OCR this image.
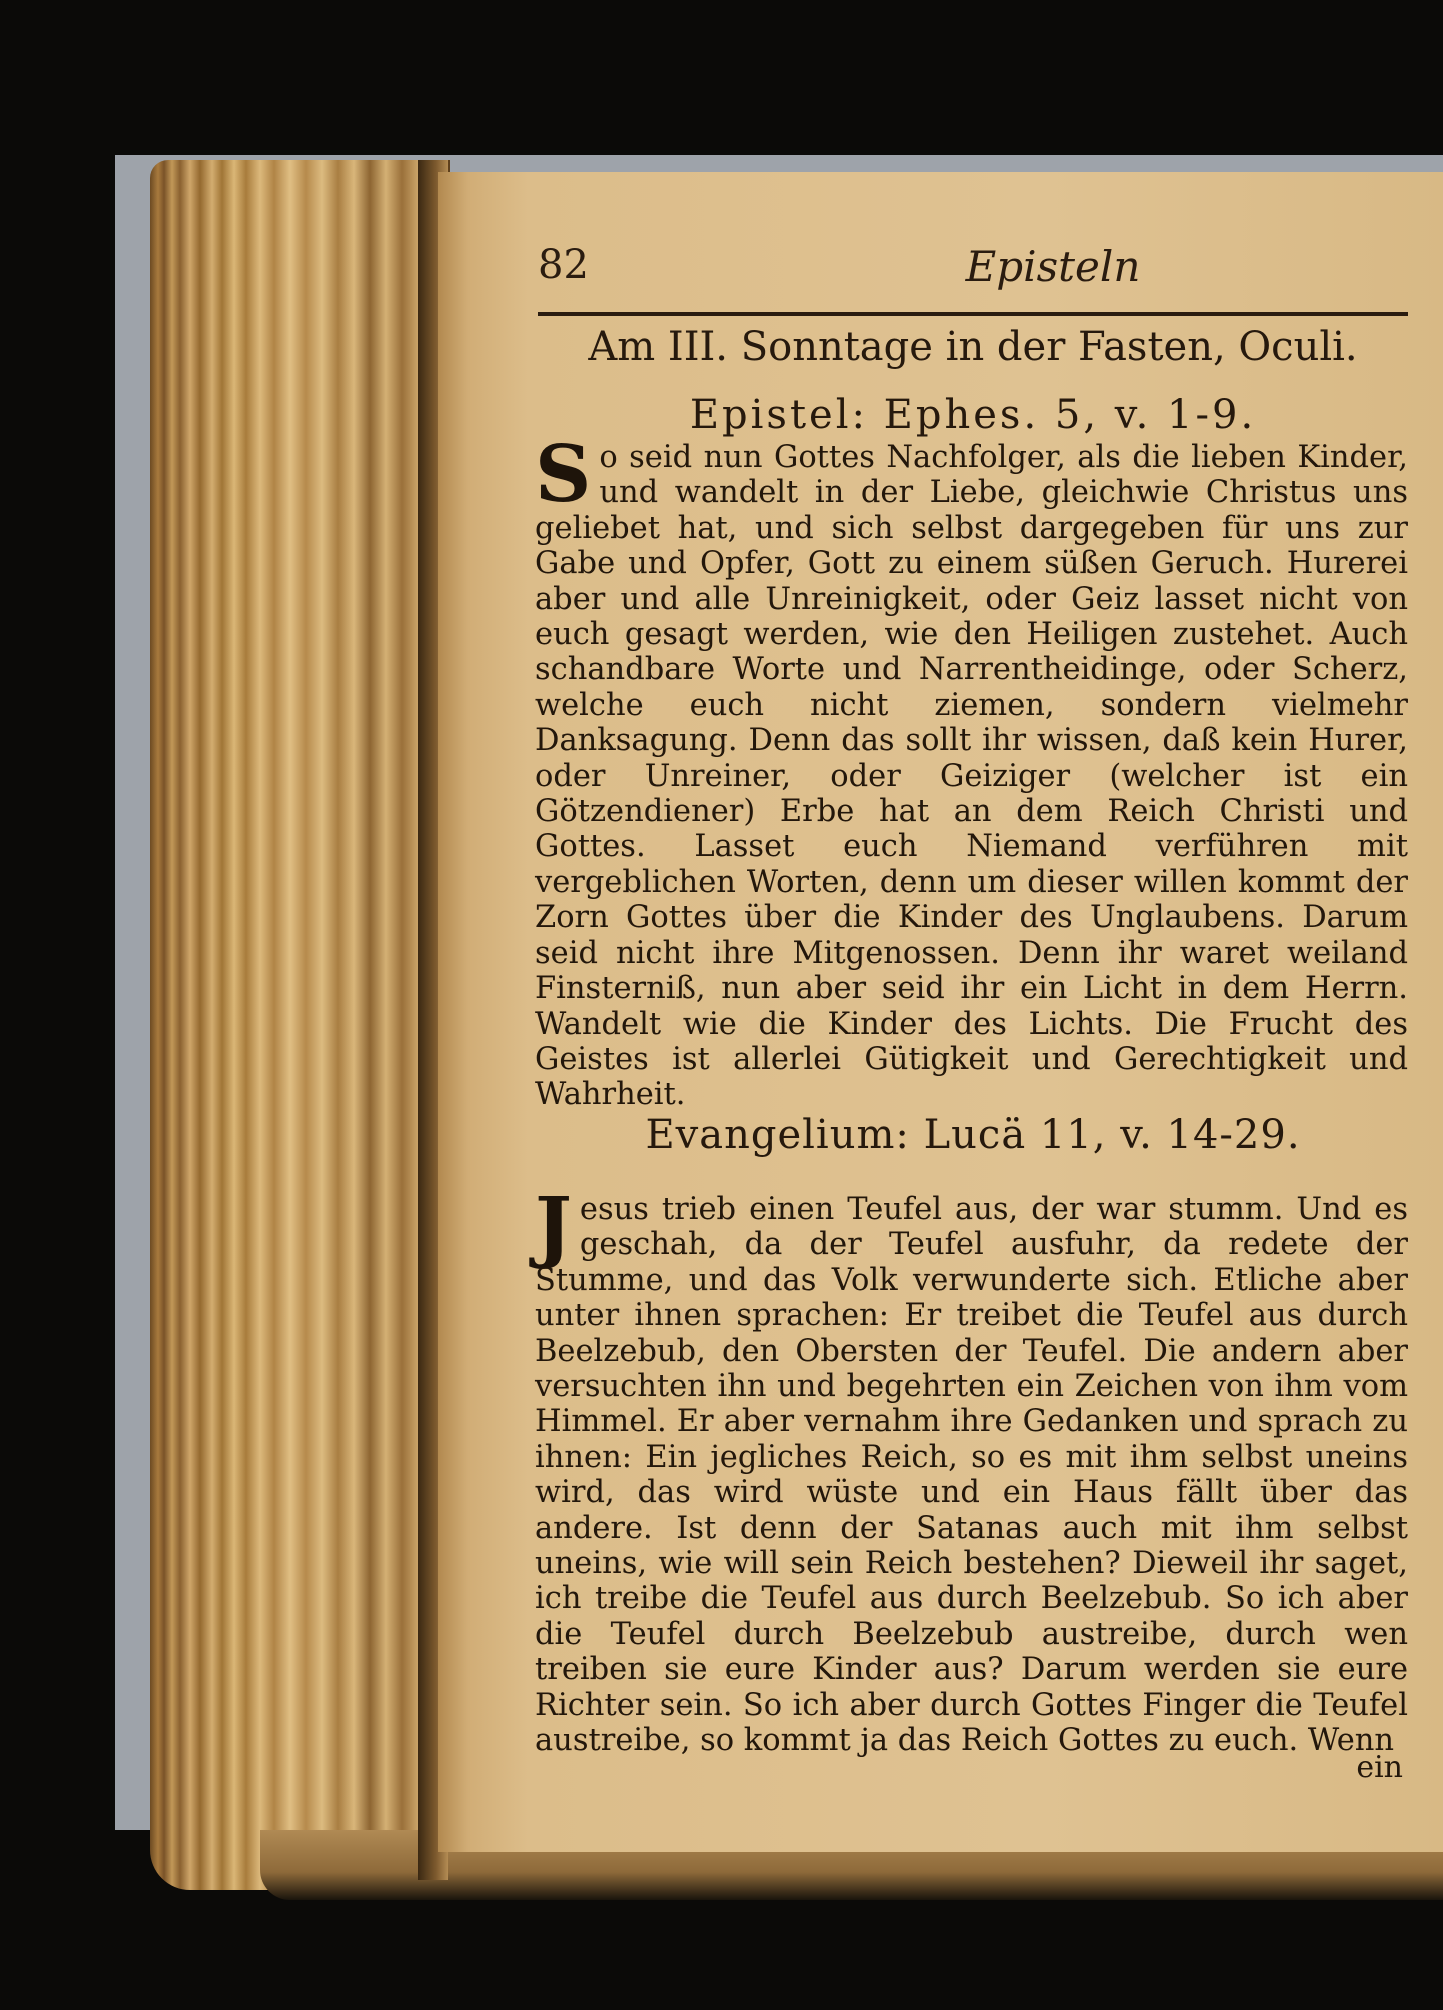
82	Episteln
Am III. Sonntage in der Fasten, Oculi.
Epistel: Ephes. 5, v. 1-9.
So seid nun Gottes Nachfolger, als die lieben Kinder, und wandelt in der Liebe, gleichwie Christus uns geliebet hat, und sich selbst dargegeben für uns zur Gabe und Opfer, Gott zu einem süßen Geruch. Hurerei aber und alle Unreinigkeit, oder Geiz lasset nicht von euch gesagt werden, wie den Heiligen zustehet. Auch schandbare Worte und Narrentheidinge, oder Scherz, welche euch nicht ziemen, sondern vielmehr Danksagung. Denn das sollt ihr wissen, daß kein Hurer, oder Unreiner, oder Geiziger (welcher ist ein Götzendiener) Erbe hat an dem Reich Christi und Gottes. Lasset euch Niemand verführen mit vergeblichen Worten, denn um dieser willen kommt der Zorn Gottes über die Kinder des Unglaubens. Darum seid nicht ihre Mitgenossen. Denn ihr waret weiland Finsterniß, nun aber seid ihr ein Licht in dem Herrn. Wandelt wie die Kinder des Lichts. Die Frucht des Geistes ist allerlei Gütigkeit und Gerechtigkeit und Wahrheit.
Evangelium: Lucä 11, v. 14-29.
Jesus trieb einen Teufel aus, der war stumm. Und es geschah, da der Teufel ausfuhr, da redete der Stumme, und das Volk verwunderte sich. Etliche aber unter ihnen sprachen: Er treibet die Teufel aus durch Beelzebub, den Obersten der Teufel. Die andern aber versuchten ihn und begehrten ein Zeichen von ihm vom Himmel. Er aber vernahm ihre Gedanken und sprach zu ihnen: Ein jegliches Reich, so es mit ihm selbst uneins wird, das wird wüste und ein Haus fällt über das andere. Ist denn der Satanas auch mit ihm selbst uneins, wie will sein Reich bestehen? Dieweil ihr saget, ich treibe die Teufel aus durch Beelzebub. So ich aber die Teufel durch Beelzebub austreibe, durch wen treiben sie eure Kinder aus? Darum werden sie eure Richter sein. So ich aber durch Gottes Finger die Teufel austreibe, so kommt ja das Reich Gottes zu euch. Wenn
ein
